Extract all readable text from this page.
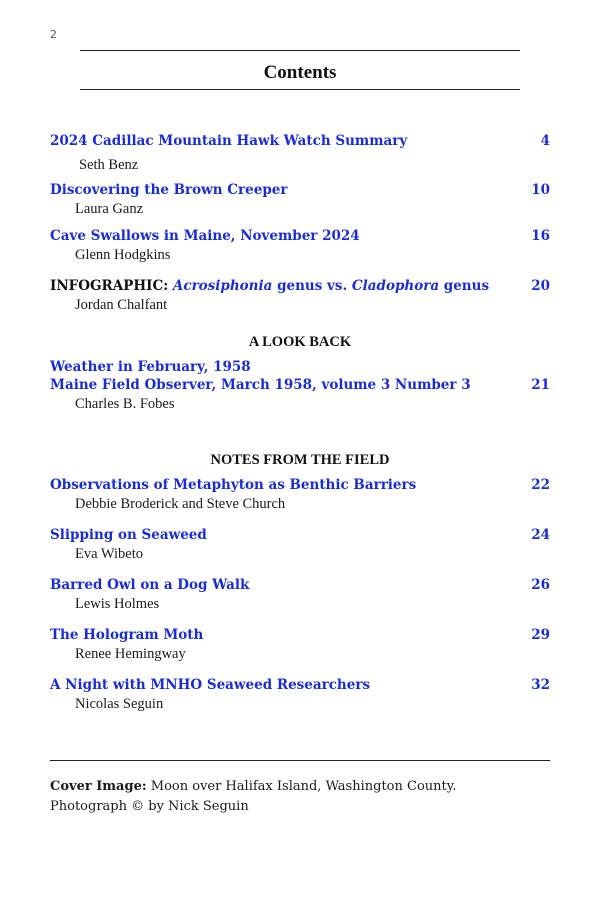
2
Contents
2024 Cadillac Mountain Hawk Watch Summary	4
Seth Benz
Discovering the Brown Creeper	10
Laura Ganz
Cave Swallows in Maine, November 2024	16
Glenn Hodgkins
INFOGRAPHIC: Acrosiphonia genus vs. Cladophora genus	20
Jordan Chalfant
A LOOK BACK
Weather in February, 1958
Maine Field Observer, March 1958, volume 3 Number 3	21
Charles B. Fobes
NOTES FROM THE FIELD
Observations of Metaphyton as Benthic Barriers	22
Debbie Broderick and Steve Church
Slipping on Seaweed	24
Eva Wibeto
Barred Owl on a Dog Walk	26
Lewis Holmes
The Hologram Moth	29
Renee Hemingway
A Night with MNHO Seaweed Researchers	32
Nicolas Seguin
Cover Image: Moon over Halifax Island, Washington County.
Photograph © by Nick Seguin
